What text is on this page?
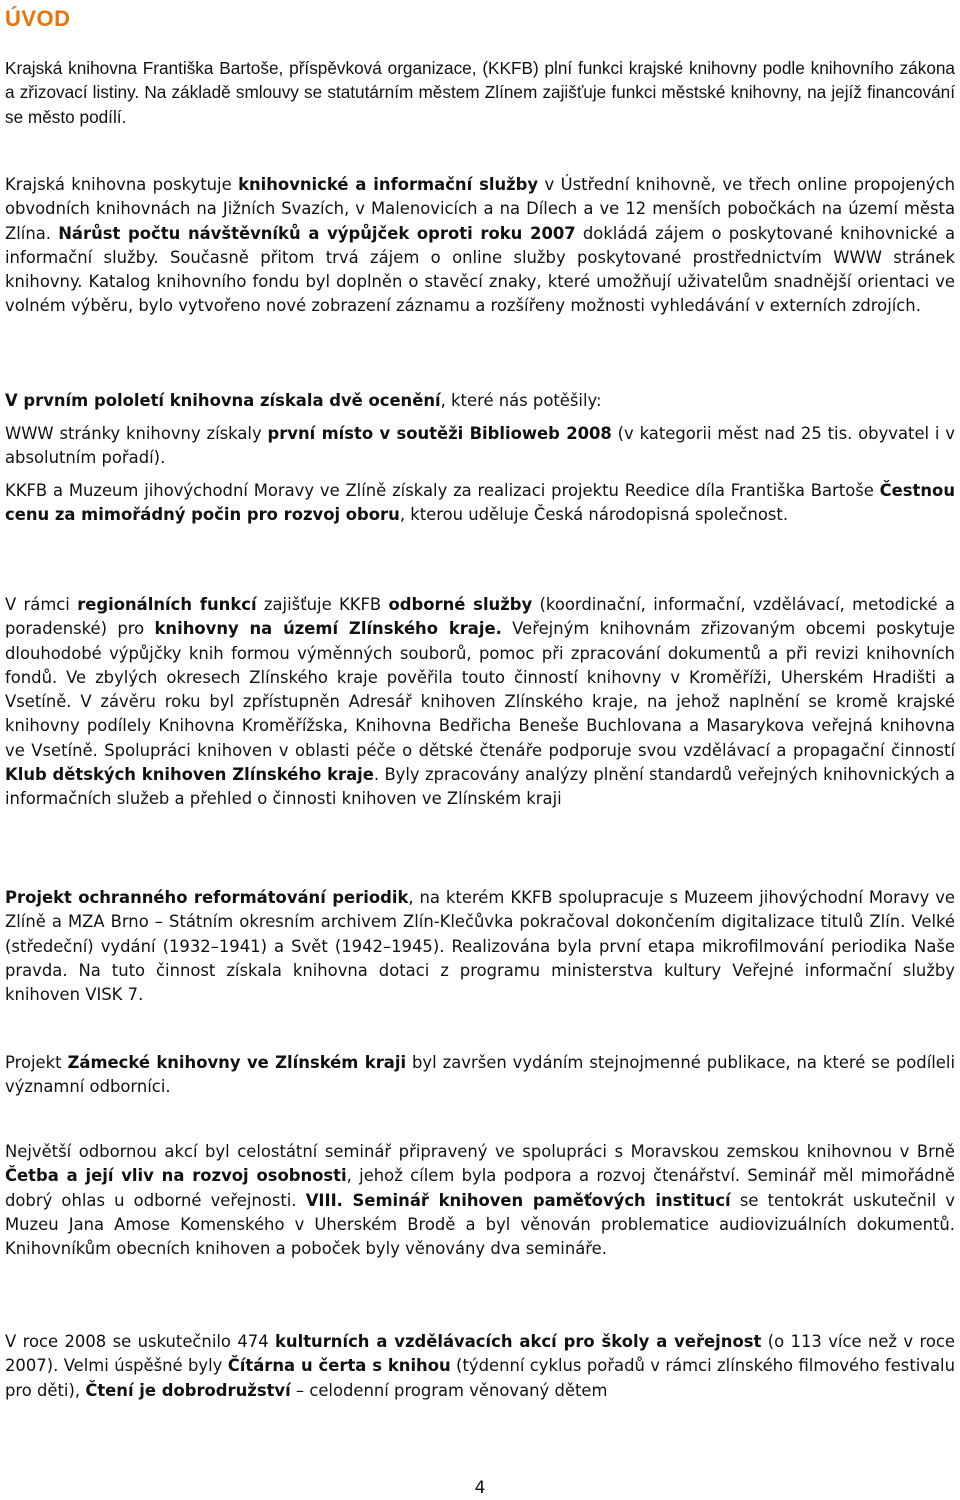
ÚVOD

Krajská knihovna Františka Bartoše, příspěvková organizace, (KKFB) plní funkci krajské knihovny podle knihovního zákona a zřizovací listiny. Na základě smlouvy se statutárním městem Zlínem zajišťuje funkci městské knihovny, na jejíž financování se město podílí.

Krajská knihovna poskytuje knihovnické a informační služby v Ústřední knihovně, ve třech online propojených obvodních knihovnách na Jižních Svazích, v Malenovicích a na Dílech a ve 12 menších pobočkách na území města Zlína. Nárůst počtu návštěvníků a výpůjček oproti roku 2007 dokládá zájem o poskytované knihovnické a informační služby. Současně přitom trvá zájem o online služby poskytované prostřednictvím WWW stránek knihovny. Katalog knihovního fondu byl doplněn o stavěcí znaky, které umožňují uživatelům snadnější orientaci ve volném výběru, bylo vytvořeno nové zobrazení záznamu a rozšířeny možnosti vyhledávání v externích zdrojích.

V prvním pololetí knihovna získala dvě ocenění, které nás potěšily:

WWW stránky knihovny získaly první místo v soutěži Biblioweb 2008 (v kategorii měst nad 25 tis. obyvatel i v absolutním pořadí).

KKFB a Muzeum jihovýchodní Moravy ve Zlíně získaly za realizaci projektu Reedice díla Františka Bartoše Čestnou cenu za mimořádný počin pro rozvoj oboru, kterou uděluje Česká národopisná společnost.

V rámci regionálních funkcí zajišťuje KKFB odborné služby (koordinační, informační, vzdělávací, metodické a poradenské) pro knihovny na území Zlínského kraje. Veřejným knihovnám zřizovaným obcemi poskytuje dlouhodobé výpůjčky knih formou výměnných souborů, pomoc při zpracování dokumentů a při revizi knihovních fondů. Ve zbylých okresech Zlínského kraje pověřila touto činností knihovny v Kroměříži, Uherském Hradišti a Vsetíně. V závěru roku byl zpřístupněn Adresář knihoven Zlínského kraje, na jehož naplnění se kromě krajské knihovny podílely Knihovna Kroměřížska, Knihovna Bedřicha Beneše Buchlovana a Masarykova veřejná knihovna ve Vsetíně. Spolupráci knihoven v oblasti péče o dětské čtenáře podporuje svou vzdělávací a propagační činností Klub dětských knihoven Zlínského kraje. Byly zpracovány analýzy plnění standardů veřejných knihovnických a informačních služeb a přehled o činnosti knihoven ve Zlínském kraji

Projekt ochranného reformátování periodik, na kterém KKFB spolupracuje s Muzeem jihovýchodní Moravy ve Zlíně a MZA Brno – Státním okresním archivem Zlín-Klečůvka pokračoval dokončením digitalizace titulů Zlín. Velké (středeční) vydání (1932–1941) a Svět (1942–1945). Realizována byla první etapa mikrofilmování periodika Naše pravda. Na tuto činnost získala knihovna dotaci z programu ministerstva kultury Veřejné informační služby knihoven VISK 7.

Projekt Zámecké knihovny ve Zlínském kraji byl završen vydáním stejnojmenné publikace, na které se podíleli významní odborníci.

Největší odbornou akcí byl celostátní seminář připravený ve spolupráci s Moravskou zemskou knihovnou v Brně Četba a její vliv na rozvoj osobnosti, jehož cílem byla podpora a rozvoj čtenářství. Seminář měl mimořádně dobrý ohlas u odborné veřejnosti. VIII. Seminář knihoven paměťových institucí se tentokrát uskutečnil v Muzeu Jana Amose Komenského v Uherském Brodě a byl věnován problematice audiovizuálních dokumentů. Knihovníkům obecních knihoven a poboček byly věnovány dva semináře.

V roce 2008 se uskutečnilo 474 kulturních a vzdělávacích akcí pro školy a veřejnost (o 113 více než v roce 2007). Velmi úspěšné byly Čítárna u čerta s knihou (týdenní cyklus pořadů v rámci zlínského filmového festivalu pro děti), Čtení je dobrodružství – celodenní program věnovaný dětem

4
